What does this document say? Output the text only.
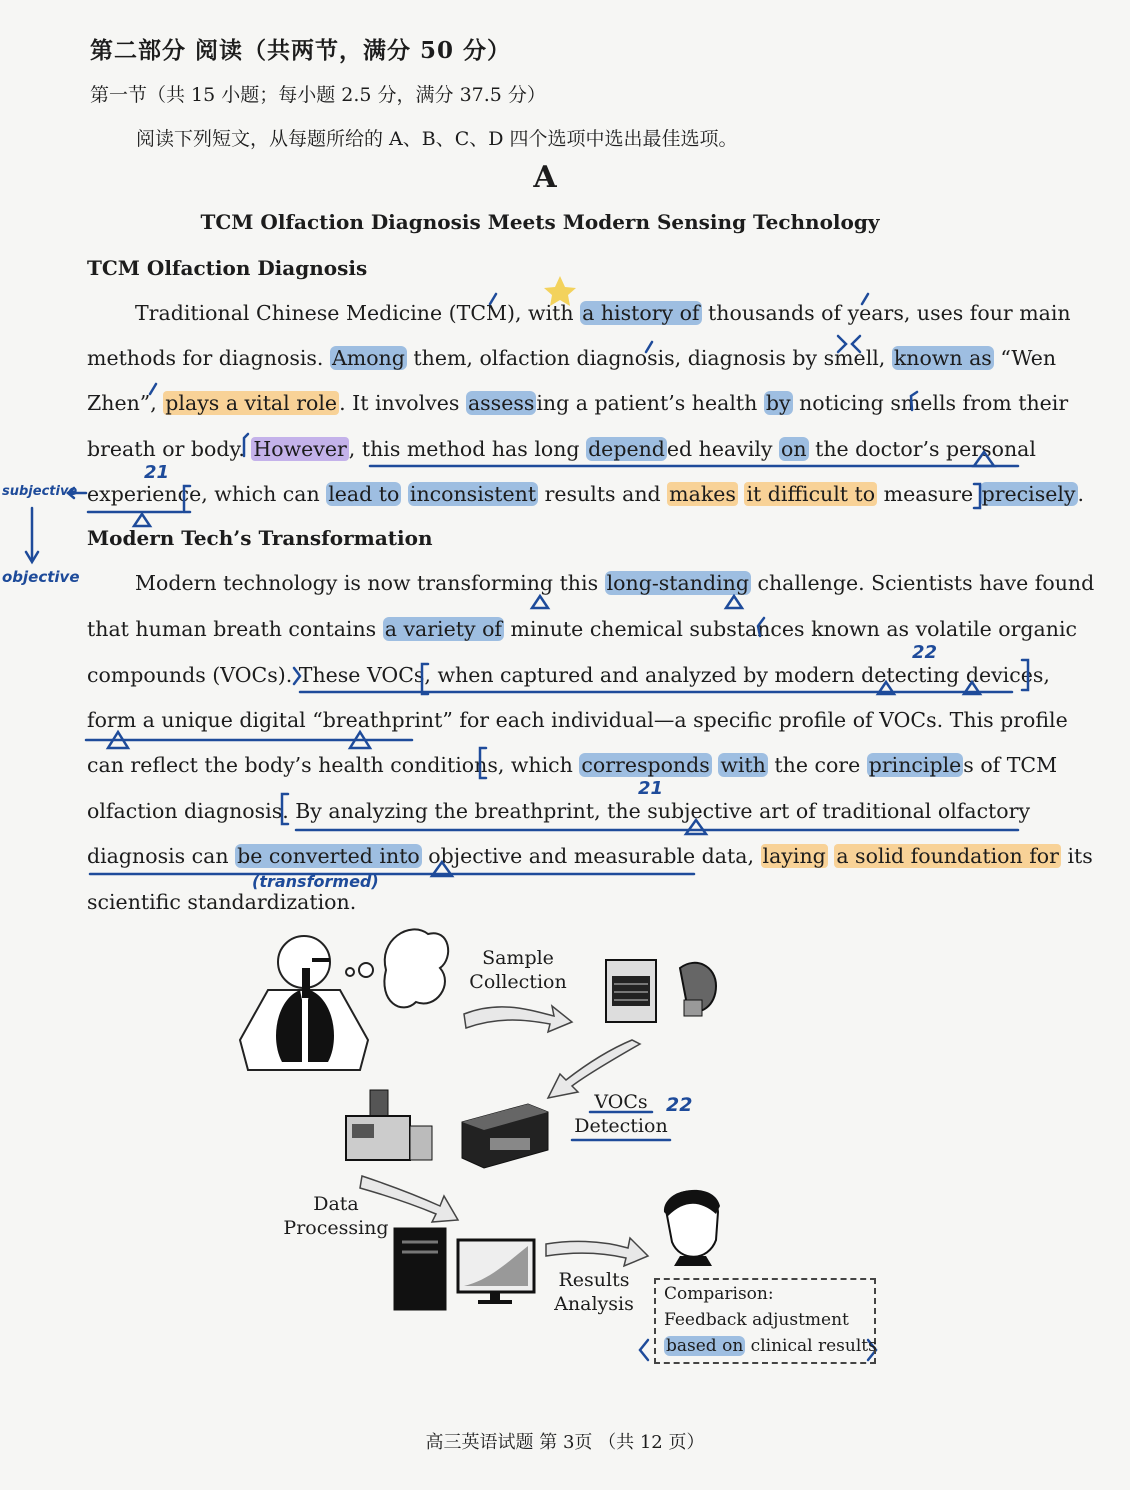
第二部分 阅读（共两节，满分 50 分）
第一节（共 15 小题；每小题 2.5 分，满分 37.5 分）
阅读下列短文，从每题所给的 A、B、C、D 四个选项中选出最佳选项。
A
TCM Olfaction Diagnosis Meets Modern Sensing Technology
TCM Olfaction Diagnosis
Traditional Chinese Medicine (TCM), with a history of thousands of years, uses four main
methods for diagnosis. Among them, olfaction diagnosis, diagnosis by smell, known as “Wen
Zhen”, plays a vital role. It involves assessing a patient’s health by noticing smells from their
breath or body. However, this method has long depended heavily on the doctor’s personal
experience, which can lead to inconsistent results and makes it difficult to measure precisely.
Modern Tech’s Transformation
Modern technology is now transforming this long-standing challenge. Scientists have found
that human breath contains a variety of minute chemical substances known as volatile organic
compounds (VOCs). These VOCs, when captured and analyzed by modern detecting devices,
form a unique digital “breathprint” for each individual—a specific profile of VOCs. This profile
can reflect the body’s health conditions, which corresponds with the core principles of TCM
olfaction diagnosis. By analyzing the breathprint, the subjective art of traditional olfactory
diagnosis can be converted into objective and measurable data, laying a solid foundation for its
scientific standardization.
subjective
objective
(transformed)
21
22
21
22
Sample
Collection
VOCs
Detection
Data
Processing
Results
Analysis	Comparison:
Feedback adjustment
based on clinical results
高三英语试题 第 3页 （共 12 页）
